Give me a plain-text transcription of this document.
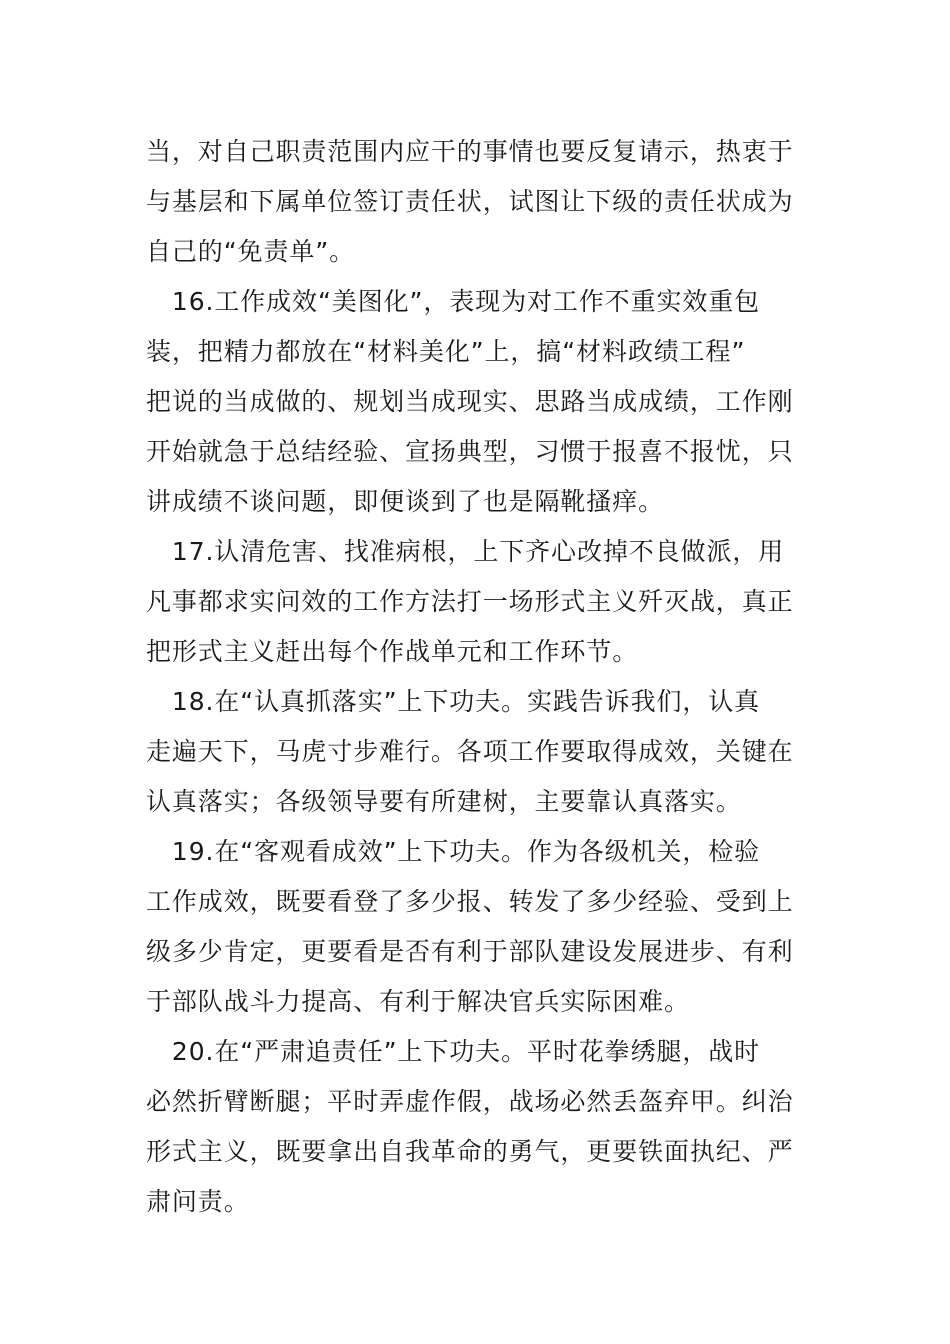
当，对自己职责范围内应干的事情也要反复请示，热衷于

与基层和下属单位签订责任状，试图让下级的责任状成为

自己的“免责单”。

　16.工作成效“美图化”，表现为对工作不重实效重包

装，把精力都放在“材料美化”上，搞“材料政绩工程”

把说的当成做的、规划当成现实、思路当成成绩，工作刚

开始就急于总结经验、宣扬典型，习惯于报喜不报忧，只

讲成绩不谈问题，即便谈到了也是隔靴搔痒。

　17.认清危害、找准病根，上下齐心改掉不良做派，用

凡事都求实问效的工作方法打一场形式主义歼灭战，真正

把形式主义赶出每个作战单元和工作环节。

　18.在“认真抓落实”上下功夫。实践告诉我们，认真

走遍天下，马虎寸步难行。各项工作要取得成效，关键在

认真落实；各级领导要有所建树，主要靠认真落实。

　19.在“客观看成效”上下功夫。作为各级机关，检验

工作成效，既要看登了多少报、转发了多少经验、受到上

级多少肯定，更要看是否有利于部队建设发展进步、有利

于部队战斗力提高、有利于解决官兵实际困难。

　20.在“严肃追责任”上下功夫。平时花拳绣腿，战时

必然折臂断腿；平时弄虚作假，战场必然丢盔弃甲。纠治

形式主义，既要拿出自我革命的勇气，更要铁面执纪、严

肃问责。
